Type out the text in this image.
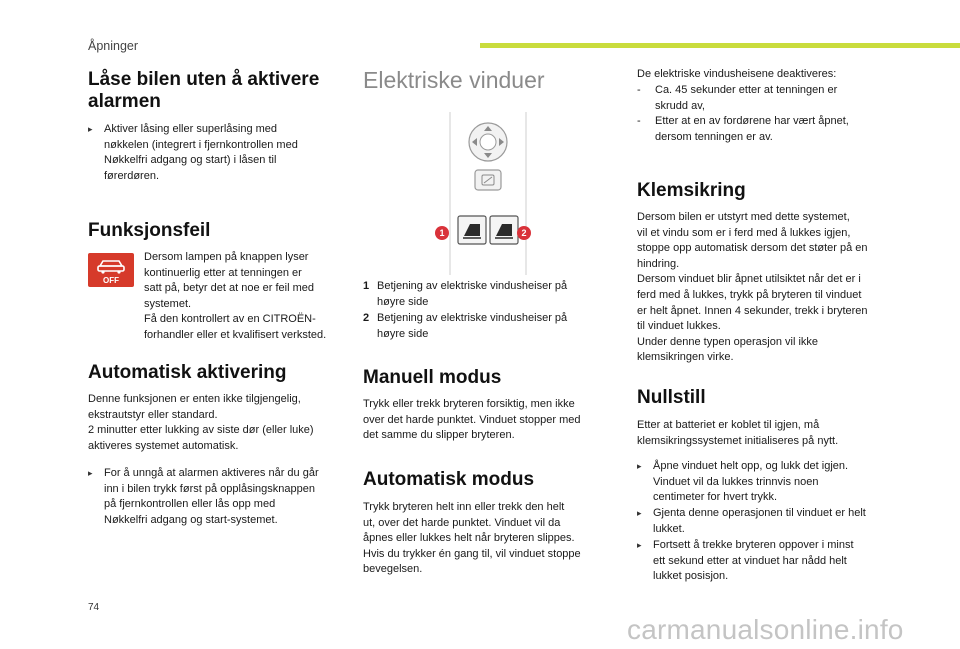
Åpninger
Låse bilen uten å aktivere
alarmen
▸	Aktiver låsing eller superlåsing med
nøkkelen (integrert i fjernkontrollen med
Nøkkelfri adgang og start) i låsen til
førerdøren.
Funksjonsfeil
OFF
Dersom lampen på knappen lyser
kontinuerlig etter at tenningen er
satt på, betyr det at noe er feil med
systemet.
Få den kontrollert av en CITROËN-
forhandler eller et kvalifisert verksted.
Automatisk aktivering
Denne funksjonen er enten ikke tilgjengelig,
ekstrautstyr eller standard.
2 minutter etter lukking av siste dør (eller luke)
aktiveres systemet automatisk.
▸	For å unngå at alarmen aktiveres når du går
inn i bilen trykk først på opplåsingsknappen
på fjernkontrollen eller lås opp med
Nøkkelfri adgang og start-systemet.
Elektriske vinduer
1	2
1 Betjening av elektriske vindusheiser på
høyre side
2 Betjening av elektriske vindusheiser på
høyre side
Manuell modus
Trykk eller trekk bryteren forsiktig, men ikke
over det harde punktet. Vinduet stopper med
det samme du slipper bryteren.
Automatisk modus
Trykk bryteren helt inn eller trekk den helt
ut, over det harde punktet. Vinduet vil da
åpnes eller lukkes helt når bryteren slippes.
Hvis du trykker én gang til, vil vinduet stoppe
bevegelsen.
De elektriske vindusheisene deaktiveres:
-	Ca. 45 sekunder etter at tenningen er
skrudd av,
-	Etter at en av fordørene har vært åpnet,
dersom tenningen er av.
Klemsikring
Dersom bilen er utstyrt med dette systemet,
vil et vindu som er i ferd med å lukkes igjen,
stoppe opp automatisk dersom det støter på en
hindring.
Dersom vinduet blir åpnet utilsiktet når det er i
ferd med å lukkes, trykk på bryteren til vinduet
er helt åpnet. Innen 4 sekunder, trekk i bryteren
til vinduet lukkes.
Under denne typen operasjon vil ikke
klemsikringen virke.
Nullstill
Etter at batteriet er koblet til igjen, må
klemsikringssystemet initialiseres på nytt.
▸	Åpne vinduet helt opp, og lukk det igjen.
Vinduet vil da lukkes trinnvis noen
centimeter for hvert trykk.
▸	Gjenta denne operasjonen til vinduet er helt
lukket.
▸	Fortsett å trekke bryteren oppover i minst
ett sekund etter at vinduet har nådd helt
lukket posisjon.
74
carmanualsonline.info
